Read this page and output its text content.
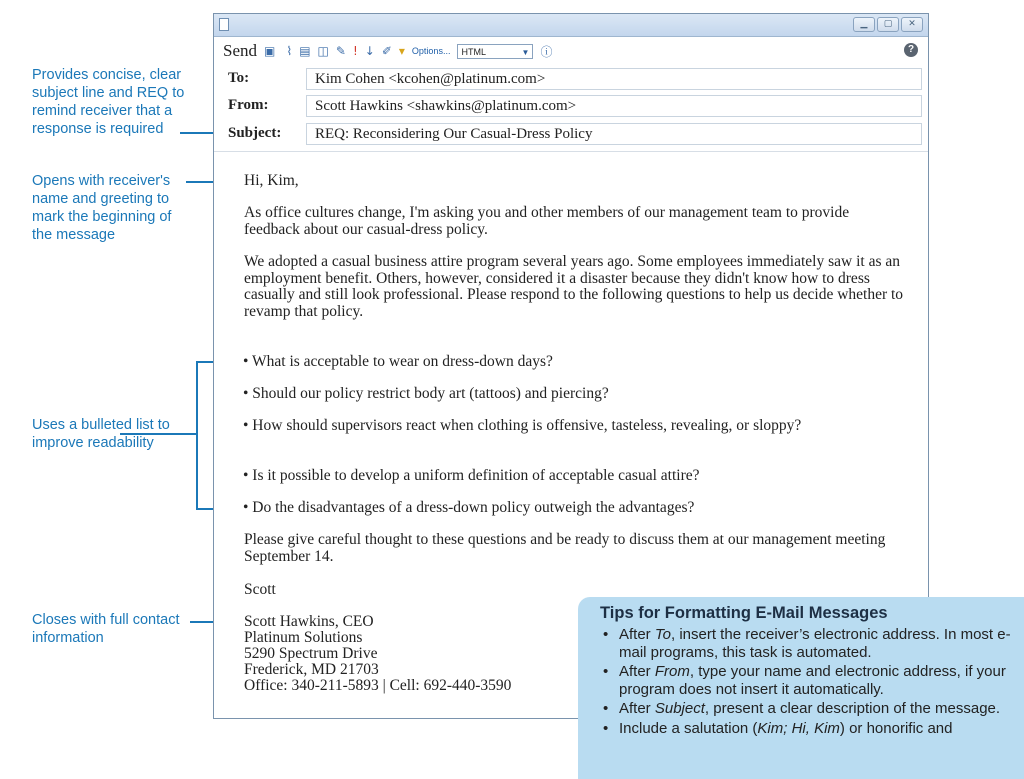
Provides concise, clear subject line and REQ to remind receiver that a response is required
Opens with receiver's name and greeting to mark the beginning of the message
Uses a bulleted list to improve readability
Closes with full contact information
▁	▢	✕
Send ▣ ⌇ ▤ ◫ ✎ ! ↓ ✐ ▾ Options...	HTML	▼ ⓘ	?
To:	Kim Cohen <kcohen@platinum.com>
From:	Scott Hawkins <shawkins@platinum.com>
Subject:	REQ: Reconsidering Our Casual-Dress Policy
Hi, Kim,
As office cultures change, I'm asking you and other members of our management team to provide feedback about our casual-dress policy.
We adopted a casual business attire program several years ago. Some employees immediately saw it as an employment benefit. Others, however, considered it a disaster because they didn't know how to dress casually and still look professional. Please respond to the following questions to help us decide whether to revamp that policy.
• What is acceptable to wear on dress-down days?
• Should our policy restrict body art (tattoos) and piercing?
• How should supervisors react when clothing is offensive, tasteless, revealing, or sloppy?
• Is it possible to develop a uniform definition of acceptable casual attire?
• Do the disadvantages of a dress-down policy outweigh the advantages?
Please give careful thought to these questions and be ready to discuss them at our management meeting September 14.
Scott
Scott Hawkins, CEO
Platinum Solutions
5290 Spectrum Drive
Frederick, MD 21703
Office: 340-211-5893 | Cell: 692-440-3590
Tips for Formatting E-Mail Messages
• After To, insert the receiver’s electronic address. In most e-mail programs, this task is automated.
• After From, type your name and electronic address, if your program does not insert it automatically.
• After Subject, present a clear description of the message.
• Include a salutation (Kim; Hi, Kim) or honorific and
